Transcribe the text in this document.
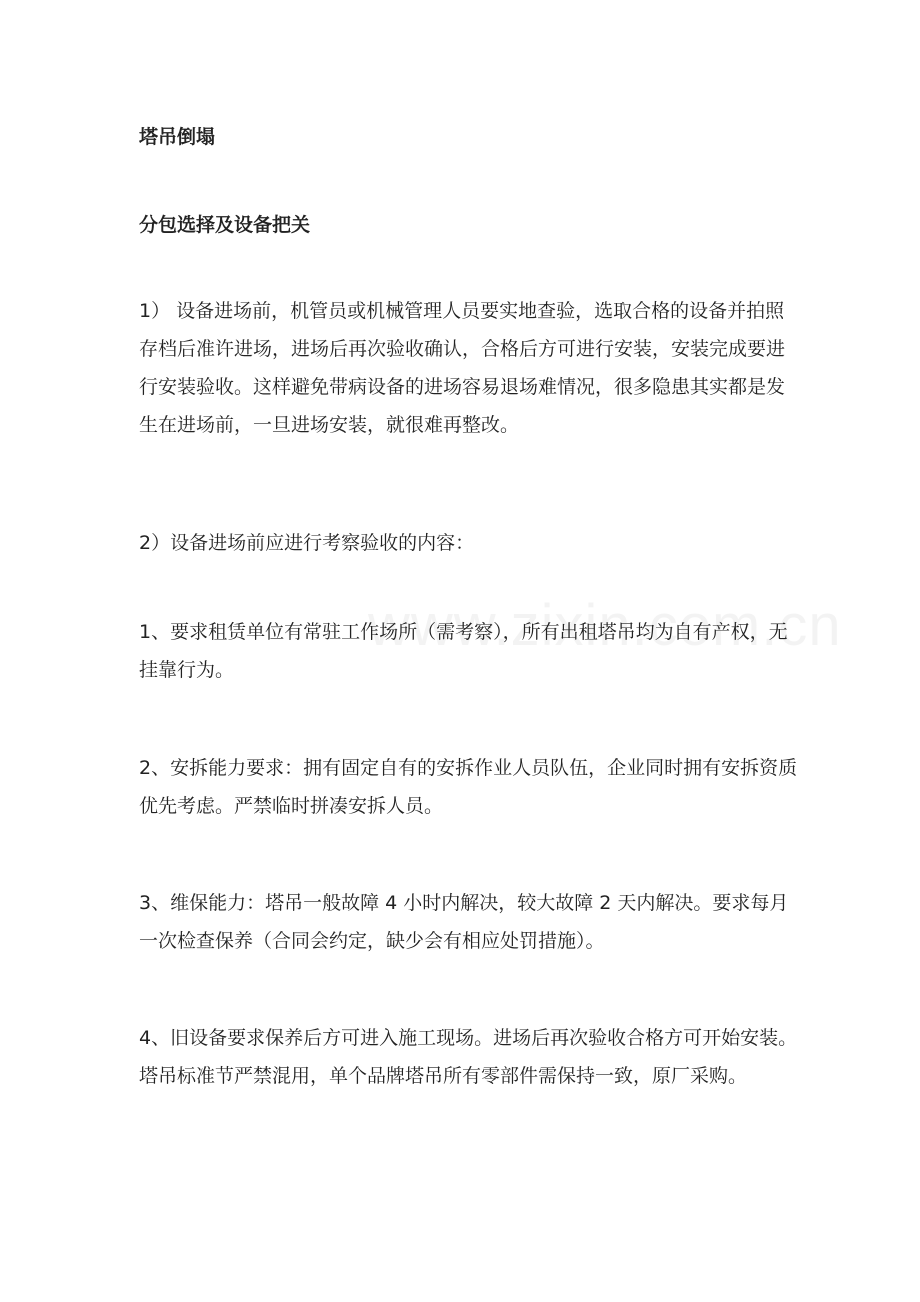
塔吊倒塌

分包选择及设备把关

1） 设备进场前，机管员或机械管理人员要实地查验，选取合格的设备并拍照存档后准许进场，进场后再次验收确认，合格后方可进行安装，安装完成要进行安装验收。这样避免带病设备的进场容易退场难情况，很多隐患其实都是发生在进场前，一旦进场安装，就很难再整改。

2）设备进场前应进行考察验收的内容：

1、要求租赁单位有常驻工作场所（需考察），所有出租塔吊均为自有产权，无挂靠行为。

2、安拆能力要求：拥有固定自有的安拆作业人员队伍，企业同时拥有安拆资质优先考虑。严禁临时拼凑安拆人员。

3、维保能力：塔吊一般故障 4 小时内解决，较大故障 2 天内解决。要求每月一次检查保养（合同会约定，缺少会有相应处罚措施）。

4、旧设备要求保养后方可进入施工现场。进场后再次验收合格方可开始安装。塔吊标准节严禁混用，单个品牌塔吊所有零部件需保持一致，原厂采购。
